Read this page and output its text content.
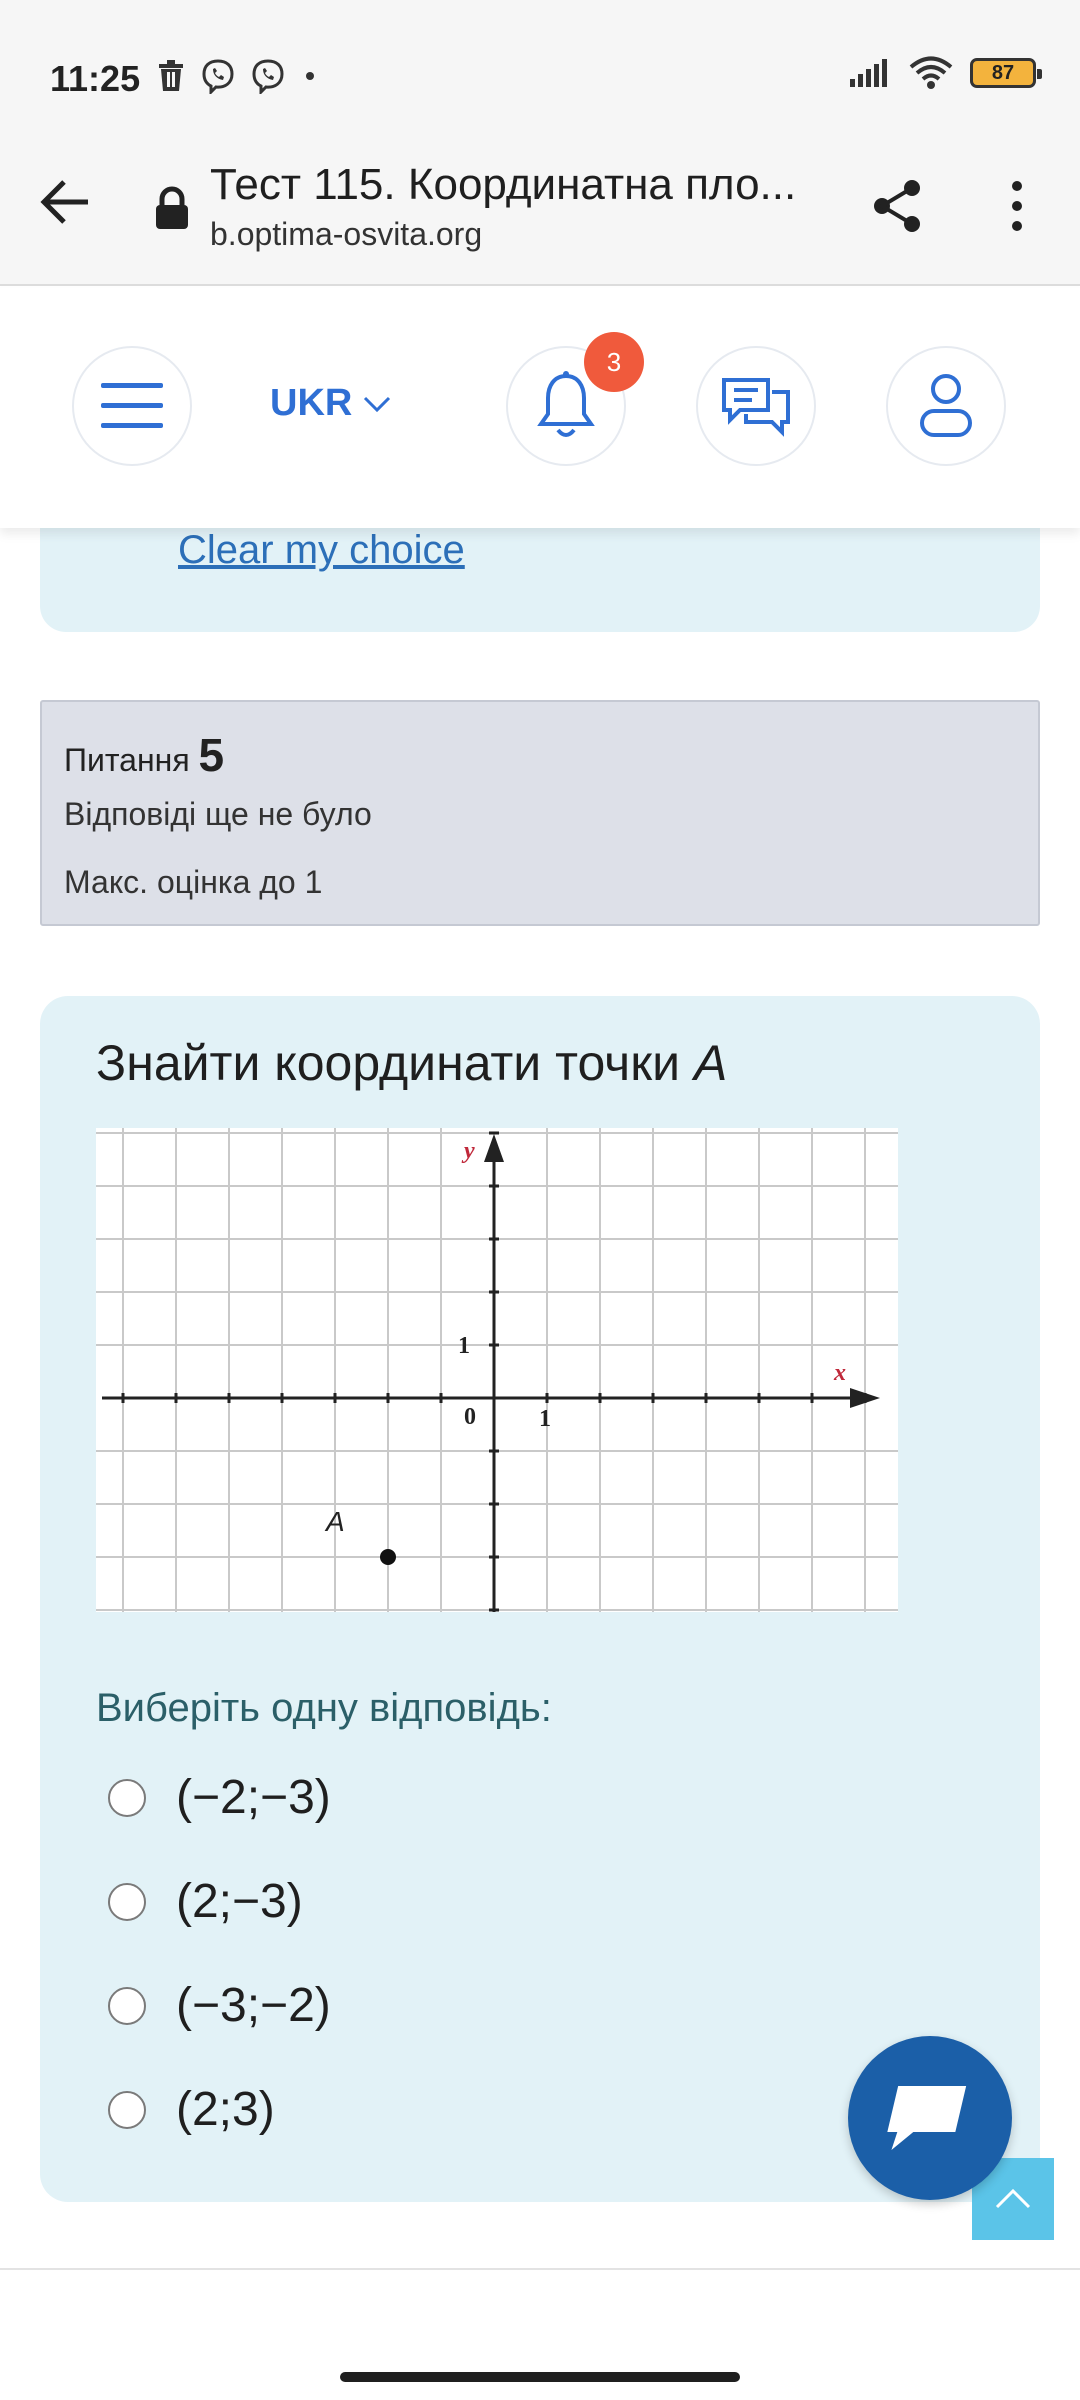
11:25	87
Тест 115. Координатна пло...
b.optima-osvita.org
UKR
3
Clear my choice
Питання 5
Відповіді ще не було
Макс. оцінка до 1
Знайти координати точки A
0	1
1
x
y
A
Виберіть одну відповідь:
(−2;−3)
(2;−3)
(−3;−2)
(2;3)
